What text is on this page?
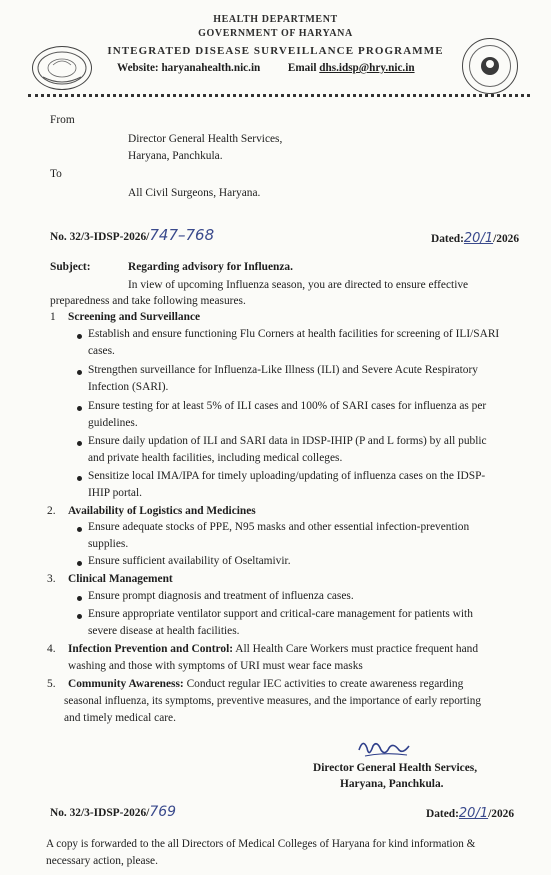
HEALTH DEPARTMENT
GOVERNMENT OF HARYANA
INTEGRATED DISEASE SURVEILLANCE PROGRAMME
Website: haryanahealth.nic.in Email dhs.idsp@hry.nic.in
From
Director General Health Services,
Haryana, Panchkula.
To
All Civil Surgeons, Haryana.
No. 32/3-IDSP-2026/747–768	Dated:20/1/2026
Subject:	Regarding advisory for Influenza.
In view of upcoming Influenza season, you are directed to ensure effective
preparedness and take following measures.
1 Screening and Surveillance
Establish and ensure functioning Flu Corners at health facilities for screening of ILI/SARI
cases.
Strengthen surveillance for Influenza-Like Illness (ILI) and Severe Acute Respiratory
Infection (SARI).
Ensure testing for at least 5% of ILI cases and 100% of SARI cases for influenza as per
guidelines.
Ensure daily updation of ILI and SARI data in IDSP-IHIP (P and L forms) by all public
and private health facilities, including medical colleges.
Sensitize local IMA/IPA for timely uploading/updating of influenza cases on the IDSP-
IHIP portal.
2. Availability of Logistics and Medicines
Ensure adequate stocks of PPE, N95 masks and other essential infection-prevention
supplies.
Ensure sufficient availability of Oseltamivir.
3. Clinical Management
Ensure prompt diagnosis and treatment of influenza cases.
Ensure appropriate ventilator support and critical-care management for patients with
severe disease at health facilities.
4. Infection Prevention and Control: All Health Care Workers must practice frequent hand
washing and those with symptoms of URI must wear face masks
5. Community Awareness: Conduct regular IEC activities to create awareness regarding
seasonal influenza, its symptoms, preventive measures, and the importance of early reporting
and timely medical care.
Director General Health Services,
Haryana, Panchkula.
No. 32/3-IDSP-2026/769	Dated:20/1/2026
A copy is forwarded to the all Directors of Medical Colleges of Haryana for kind information &
necessary action, please.
